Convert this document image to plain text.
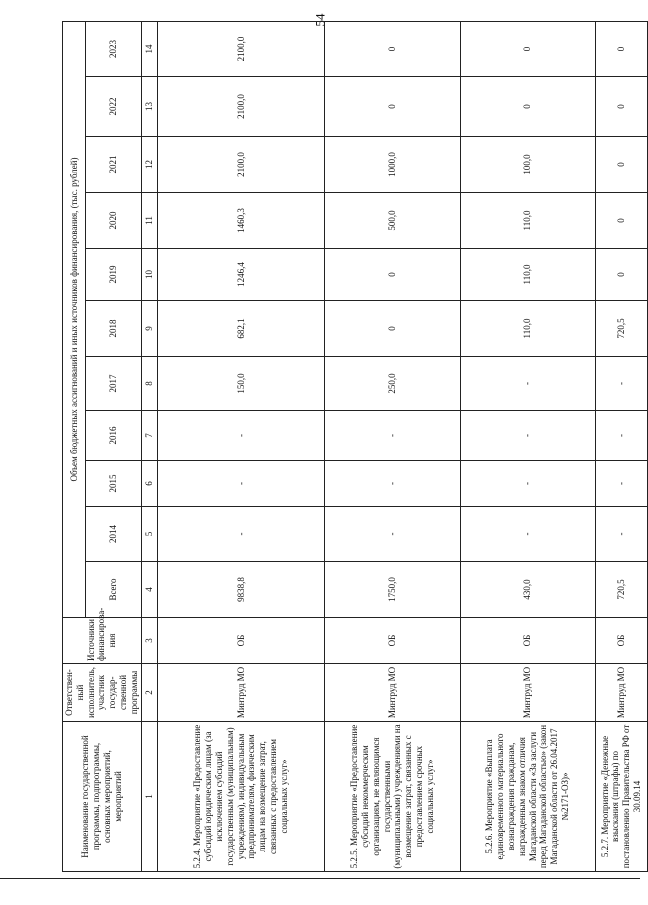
54
Наименование государственной программы, подпрограммы, основных мероприятий, мероприятий	Ответствен-ный исполнитель, участник государ-ственной программы	Источники финансирова-ния	Объем бюджетных ассигнований и иных источников финансирования, (тыс. рублей)										
			Всего	2014	2015	2016	2017	2018	2019	2020	2021	2022	2023
1	2	3	4	5	6	7	8	9	10	11	12	13	14
5.2.4. Мероприятие «Предоставление субсидий юридическим лицам (за исключением субсидий государственным (муниципальным) учреждениям), индивидуальным предпринимателям, физическим лицам на возмещение затрат, связанных с предоставлением социальных услуг»	Минтруд МО	ОБ	9838,8	-	-	-	150,0	682,1	1246,4	1460,3	2100,0	2100,0	2100,0
5.2.5. Мероприятие «Предоставление субсидий некоммерческим организациям, не являющимся государственными (муниципальными) учреждениями на возмещение затрат, связанных с предоставлением срочных социальных услуг»	Минтруд МО	ОБ	1750,0	-	-	-	250,0	0	0	500,0	1000,0	0	0
5.2.6. Мероприятие «Выплата единовременного материального вознаграждения гражданам, награжденным знаком отличия Магаданской области «За заслуги перед Магаданской областью» (закон Магаданской области от 26.04.2017 №2171-ОЗ)»	Минтруд МО	ОБ	430,0	-	-	-	-	110,0	110,0	110,0	100,0	0	0
5.2.7. Мероприятие «Денежные взыскания (штрафы) по постановлению Правительства РФ от 30.09.14	Минтруд МО	ОБ	720,5	-	-	-	-	720,5	0	0	0	0	0
